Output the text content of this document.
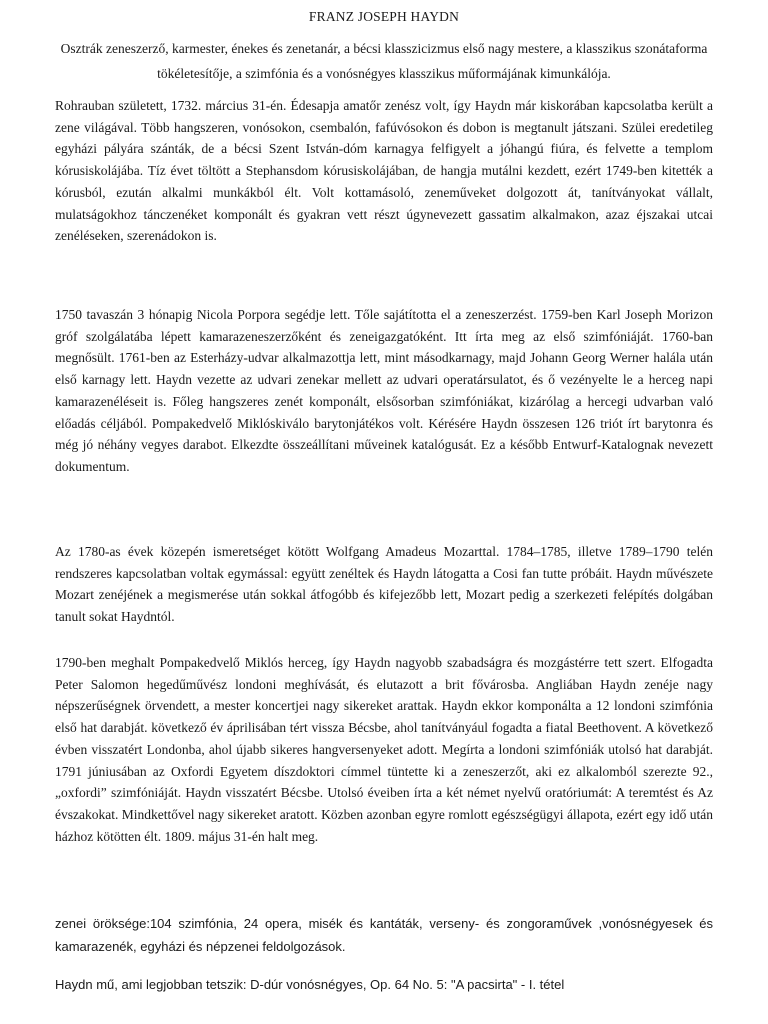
FRANZ JOSEPH HAYDN
Osztrák zeneszerző, karmester, énekes és zenetanár, a bécsi klasszicizmus első nagy mestere, a klasszikus szonátaforma tökéletesítője, a szimfónia és a vonósnégyes klasszikus műformájának kimunkálója.

Rohrauban született, 1732. március 31-én. Édesapja amatőr zenész volt, így Haydn már kiskorában kapcsolatba került a zene világával. Több hangszeren, vonósokon, csembalón, fafúvósokon és dobon is megtanult játszani. Szülei eredetileg egyházi pályára szánták, de a bécsi Szent István-dóm karnagya felfigyelt a jóhangú fiúra, és felvette a templom kórusiskolájába. Tíz évet töltött a Stephansdom kórusiskolájában, de hangja mutálni kezdett, ezért 1749-ben kitették a kórusból, ezután alkalmi munkákból élt. Volt kottamásoló, zeneműveket dolgozott át, tanítványokat vállalt, mulatságokhoz tánczenéket komponált és gyakran vett részt úgynevezett gassatim alkalmakon, azaz éjszakai utcai zenéléseken, szerenádokon is.

1750 tavaszán 3 hónapig Nicola Porpora segédje lett. Tőle sajátította el a zeneszerzést. 1759-ben Karl Joseph Morizon gróf szolgálatába lépett kamarazeneszerzőként és zeneigazgatóként. Itt írta meg az első szimfóniáját. 1760-ban megnősült. 1761-ben az Esterházy-udvar alkalmazottja lett, mint másodkarnagy, majd Johann Georg Werner halála után első karnagy lett. Haydn vezette az udvari zenekar mellett az udvari operatársulatot, és ő vezényelte le a herceg napi kamarazenéléseit is. Főleg hangszeres zenét komponált, elsősorban szimfóniákat, kizárólag a hercegi udvarban való előadás céljából. Pompakedvelő Miklóskiválo barytonjátékos volt. Kérésére Haydn összesen 126 triót írt barytonra és még jó néhány vegyes darabot. Elkezdte összeállítani műveinek katalógusát. Ez a később Entwurf-Katalognak nevezett dokumentum.

Az 1780-as évek közepén ismeretséget kötött Wolfgang Amadeus Mozarttal. 1784–1785, illetve 1789–1790 telén rendszeres kapcsolatban voltak egymással: együtt zenéltek és Haydn látogatta a Cosi fan tutte próbáit. Haydn művészete Mozart zenéjének a megismerése után sokkal átfogóbb és kifejezőbb lett, Mozart pedig a szerkezeti felépítés dolgában tanult sokat Haydntól.

1790-ben meghalt Pompakedvelő Miklós herceg, így Haydn nagyobb szabadságra és mozgástérre tett szert. Elfogadta Peter Salomon hegedűművész londoni meghívását, és elutazott a brit fővárosba. Angliában Haydn zenéje nagy népszerűségnek örvendett, a mester koncertjei nagy sikereket arattak. Haydn ekkor komponálta a 12 londoni szimfónia első hat darabját. következő év áprilisában tért vissza Bécsbe, ahol tanítványául fogadta a fiatal Beethovent. A következő évben visszatért Londonba, ahol újabb sikeres hangversenyeket adott. Megírta a londoni szimfóniák utolsó hat darabját. 1791 júniusában az Oxfordi Egyetem díszdoktori címmel tüntette ki a zeneszerzőt, aki ez alkalomból szerezte 92., „oxfordi” szimfóniáját. Haydn visszatért Bécsbe. Utolsó éveiben írta a két német nyelvű oratóriumát: A teremtést és Az évszakokat. Mindkettővel nagy sikereket aratott. Közben azonban egyre romlott egészségügyi állapota, ezért egy idő után házhoz kötötten élt. 1809. május 31-én halt meg.

zenei öröksége:104 szimfónia, 24 opera, misék és kantáták, verseny- és zongoraművek ,vonósnégyesek és kamarazenék, egyházi és népzenei feldolgozások.

Haydn mű, ami legjobban tetszik: D-dúr vonósnégyes, Op. 64 No. 5: "A pacsirta" - I. tétel
